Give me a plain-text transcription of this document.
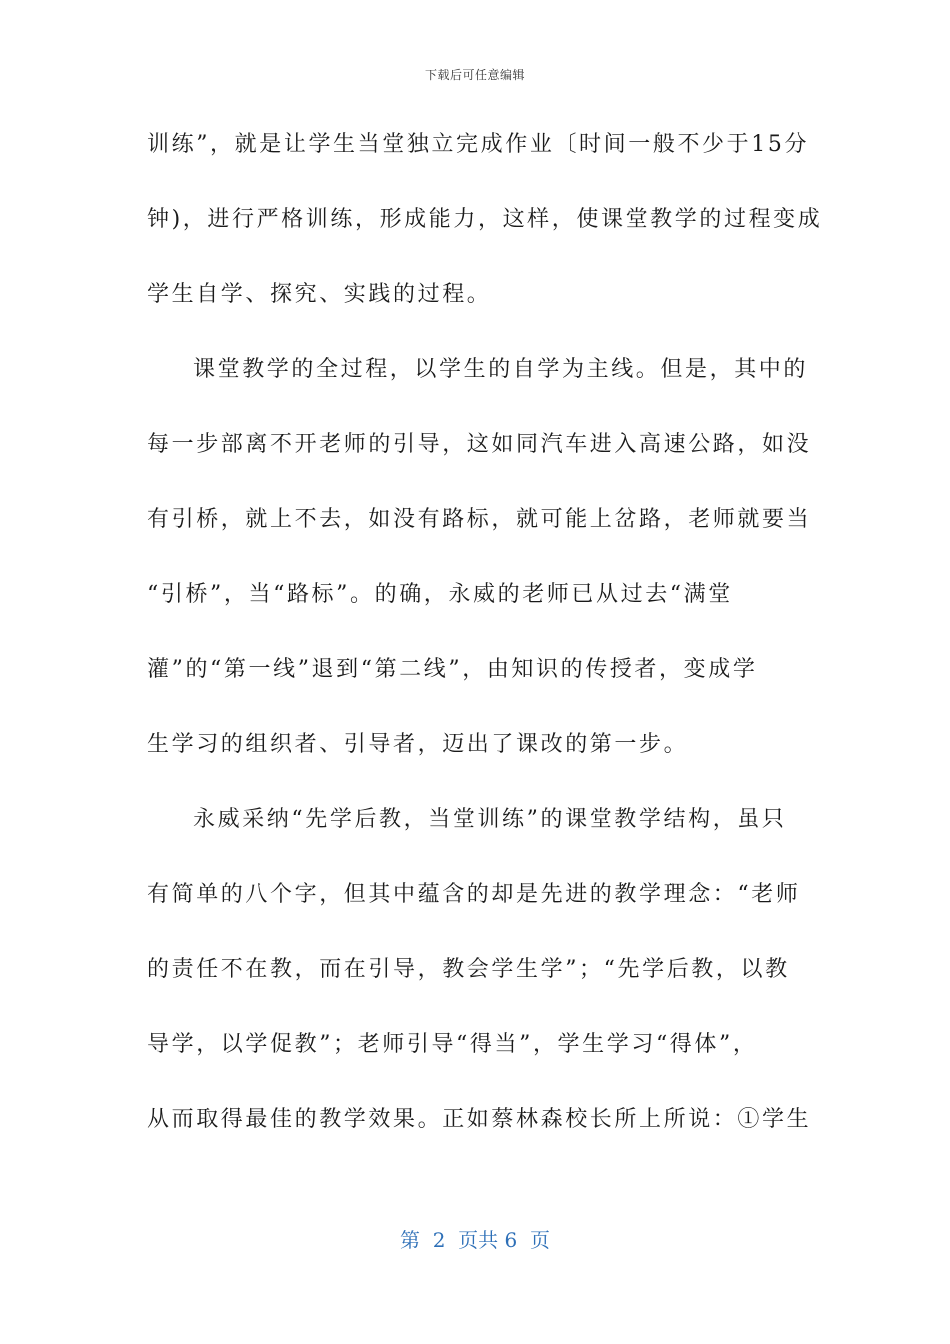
下载后可任意编辑
训练”，就是让学生当堂独立完成作业〔时间一般不少于15分
钟)，进行严格训练，形成能力，这样，使课堂教学的过程变成
学生自学、探究、实践的过程。
课堂教学的全过程，以学生的自学为主线。但是，其中的
每一步部离不开老师的引导，这如同汽车进入高速公路，如没
有引桥，就上不去，如没有路标，就可能上岔路，老师就要当
“引桥”，当“路标”。的确，永威的老师已从过去“满堂
灌”的“第一线”退到“第二线”，由知识的传授者，变成学
生学习的组织者、引导者，迈出了课改的第一步。
永威采纳“先学后教，当堂训练”的课堂教学结构，虽只
有简单的八个字，但其中蕴含的却是先进的教学理念：“老师
的责任不在教，而在引导，教会学生学”；“先学后教，以教
导学，以学促教”；老师引导“得当”，学生学习“得体”，
从而取得最佳的教学效果。正如蔡林森校长所上所说：①学生
第  2  页共 6  页
